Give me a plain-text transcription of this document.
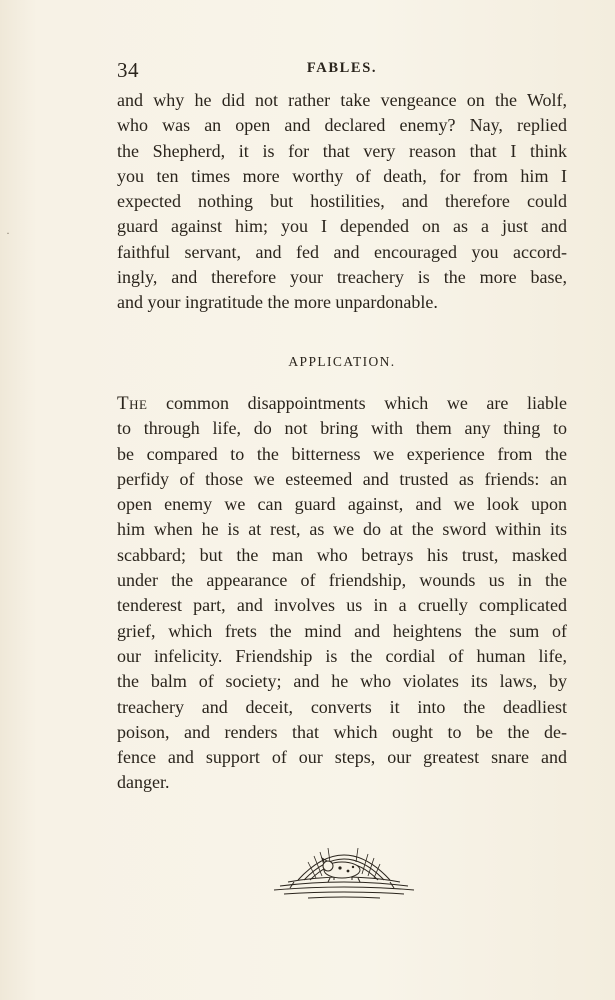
34	FABLES.
and why he did not rather take vengeance on the Wolf,
who was an open and declared enemy? Nay, replied
the Shepherd, it is for that very reason that I think
you ten times more worthy of death, for from him I
expected nothing but hostilities, and therefore could
guard against him; you I depended on as a just and
faithful servant, and fed and encouraged you accord-
ingly, and therefore your treachery is the more base,
and your ingratitude the more unpardonable.
APPLICATION.
The common disappointments which we are liable
to through life, do not bring with them any thing to
be compared to the bitterness we experience from the
perfidy of those we esteemed and trusted as friends: an
open enemy we can guard against, and we look upon
him when he is at rest, as we do at the sword within its
scabbard; but the man who betrays his trust, masked
under the appearance of friendship, wounds us in the
tenderest part, and involves us in a cruelly complicated
grief, which frets the mind and heightens the sum of
our infelicity. Friendship is the cordial of human life,
the balm of society; and he who violates its laws, by
treachery and deceit, converts it into the deadliest
poison, and renders that which ought to be the de-
fence and support of our steps, our greatest snare and
danger.
·
